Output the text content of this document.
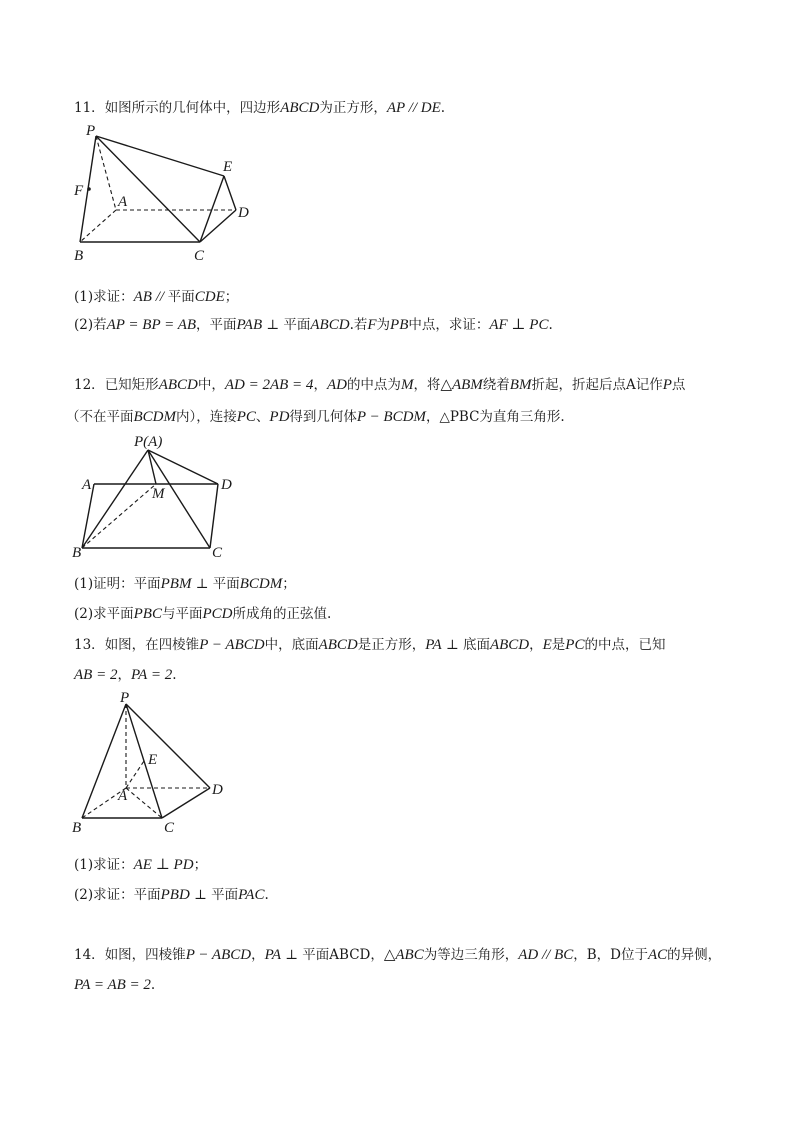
11．如图所示的几何体中，四边形ABCD为正方形，AP // DE.
P
E
F
A
D
B	C
(1)求证：AB // 平面CDE；
(2)若AP = BP = AB，平面PAB ⊥ 平面ABCD.若F为PB中点，求证：AF ⊥ PC.
12．已知矩形ABCD中，AD = 2AB = 4，AD的中点为M，将△ABM绕着BM折起，折起后点A记作P点
（不在平面BCDM内），连接PC、PD得到几何体P − BCDM，△PBC为直角三角形.
P(A)
A
M
D
B	C
(1)证明：平面PBM ⊥ 平面BCDM；
(2)求平面PBC与平面PCD所成角的正弦值.
13．如图，在四棱锥P − ABCD中，底面ABCD是正方形，PA ⊥ 底面ABCD，E是PC的中点，已知
AB = 2，PA = 2.
P
E
A	D
B	C
(1)求证：AE ⊥ PD；
(2)求证：平面PBD ⊥ 平面PAC.
14．如图，四棱锥P − ABCD，PA ⊥ 平面ABCD，△ABC为等边三角形，AD // BC，B，D位于AC的异侧，
PA = AB = 2.
